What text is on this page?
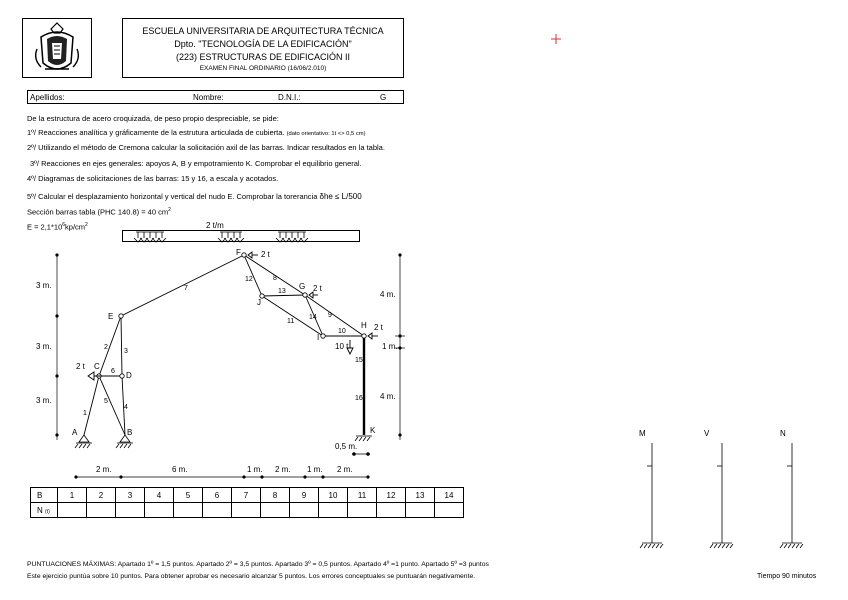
ESCUELA UNIVERSITARIA DE ARQUITECTURA TÉCNICA
Dpto. "TECNOLOGÍA DE LA EDIFICACIÓN"
(223) ESTRUCTURAS DE EDIFICACIÓN II
EXAMEN FINAL ORDINARIO (16/06/2.010)
Apellidos:	Nombre:	D.N.I.:	G
De la estructura de acero croquizada, de peso propio despreciable, se pide:
1º/ Reacciones analítica y gráficamente de la estrutura articulada de cubierta. (dato orientativo: 1t <> 0,5 cm)
2º/ Utilizando el método de Cremona calcular la solicitación axil de las barras. Indicar resultados en la tabla.
3º/ Reacciones en ejes generales: apoyos A, B y empotramiento K. Comprobar el equilibrio general.
4º/ Diagramas de solicitaciones de las barras: 15 y 16, a escala y acotados.
5º/ Calcular el desplazamiento horizontal y vertical del nudo E. Comprobar la torerancia δhe ≤ L/500
Sección barras tabla (PHC 140.8) = 40 $cm^2$
$E = 2,1*10^6kp/cm^2$	2 t/m
A	B
C
D
E
F
G
H
I
J
K
1
2
3
4
5
6
7
8
9
10
11
12
13
14
15
16
2 t
2 t
2 t
2 t
10 t
3 m.
3 m.
3 m.
4 m.
1 m.
4 m.
0,5 m.
2 m.	6 m.	1 m. 2 m. 1 m. 2 m.
B	1	2	3	4	5	6	7	8	9	10	11	12	13	14
N (t)														
M	V	N
PUNTUACIONES MÁXIMAS: Apartado 1º = 1,5 puntos. Apartado 2º = 3,5 puntos. Apartado 3º = 0,5 puntos. Apartado 4º =1 punto. Apartado 5º =3 puntos
Este ejercicio puntúa sobre 10 puntos. Para obtener aprobar es necesario alcanzar 5 puntos. Los errores conceptuales se puntuarán negativamente.	Tiempo 90 minutos
